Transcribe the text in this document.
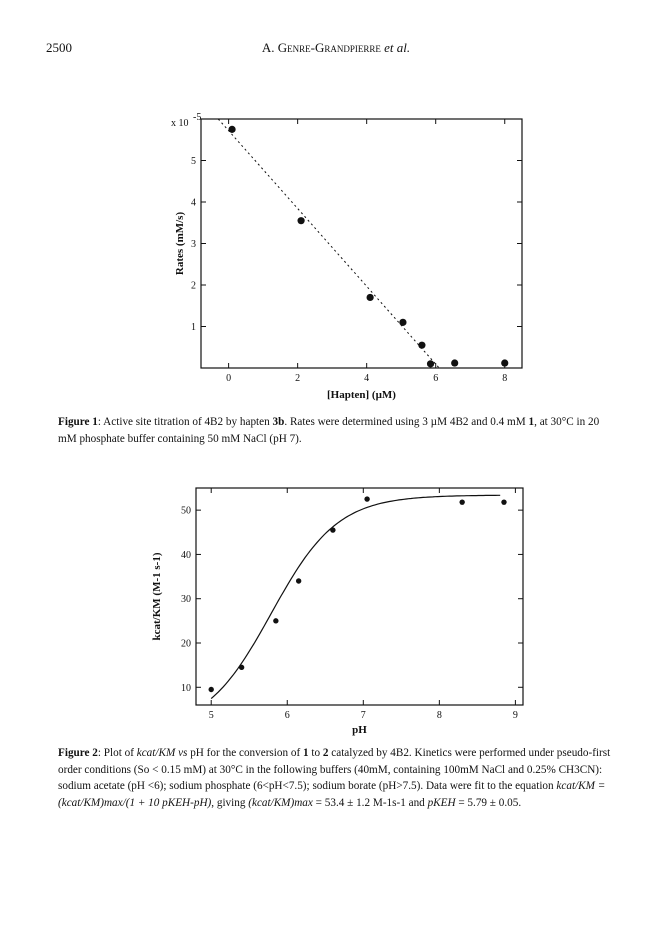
2500	A. Genre-Grandpierre et al.
0	2	4	6	8
1
2
3
4
5
[Hapten] (µM)
Rates (mM/s)
x 10
-5
Figure 1: Active site titration of 4B2 by hapten 3b. Rates were determined using 3 µM 4B2 and 0.4 mM 1, at 30°C in 20 mM phosphate buffer containing 50 mM NaCl (pH 7).
Figure 2: Plot of kcat/KM vs pH for the conversion of 1 to 2 catalyzed by 4B2. Kinetics were performed under pseudo-first order conditions (So < 0.15 mM) at 30°C in the following buffers (40mM, containing 100mM NaCl and 0.25% CH3CN): sodium acetate (pH <6); sodium phosphate (6<pH<7.5); sodium borate (pH>7.5). Data were fit to the equation kcat/KM = (kcat/KM)max/(1 + 10 pKEH-pH), giving (kcat/KM)max = 53.4 ± 1.2 M-1s-1 and pKEH = 5.79 ± 0.05.
5	6	7	8	9
10
20
30
40
50
pH
kcat/KM (M-1 s-1)
